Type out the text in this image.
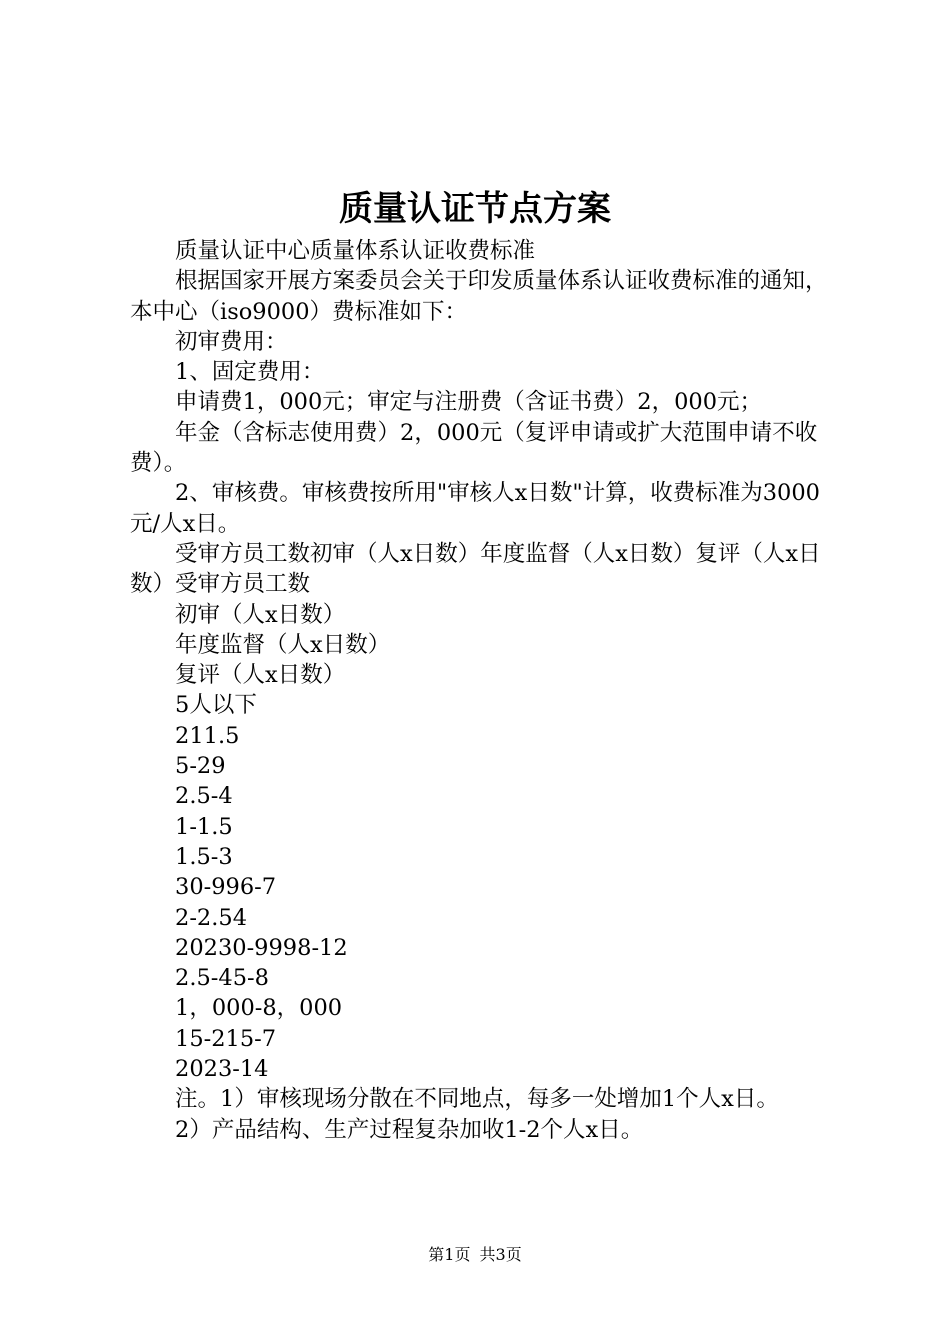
质量认证节点方案

质量认证中心质量体系认证收费标准

根据国家开展方案委员会关于印发质量体系认证收费标准的通知，本中心（iso9000）费标准如下：

初审费用：

1、固定费用：

申请费1，000元；审定与注册费（含证书费）2，000元；

年金（含标志使用费）2，000元（复评申请或扩大范围申请不收费）。

2、审核费。审核费按所用"审核人x日数"计算，收费标准为3000元/人x日。

受审方员工数初审（人x日数）年度监督（人x日数）复评（人x日数）受审方员工数

初审（人x日数）

年度监督（人x日数）

复评（人x日数）

5人以下

211.5

5-29

2.5-4

1-1.5

1.5-3

30-996-7

2-2.54

20230-9998-12

2.5-45-8

1，000-8，000

15-215-7

2023-14

注。1）审核现场分散在不同地点，每多一处增加1个人x日。

2）产品结构、生产过程复杂加收1-2个人x日。

第1页 共3页
